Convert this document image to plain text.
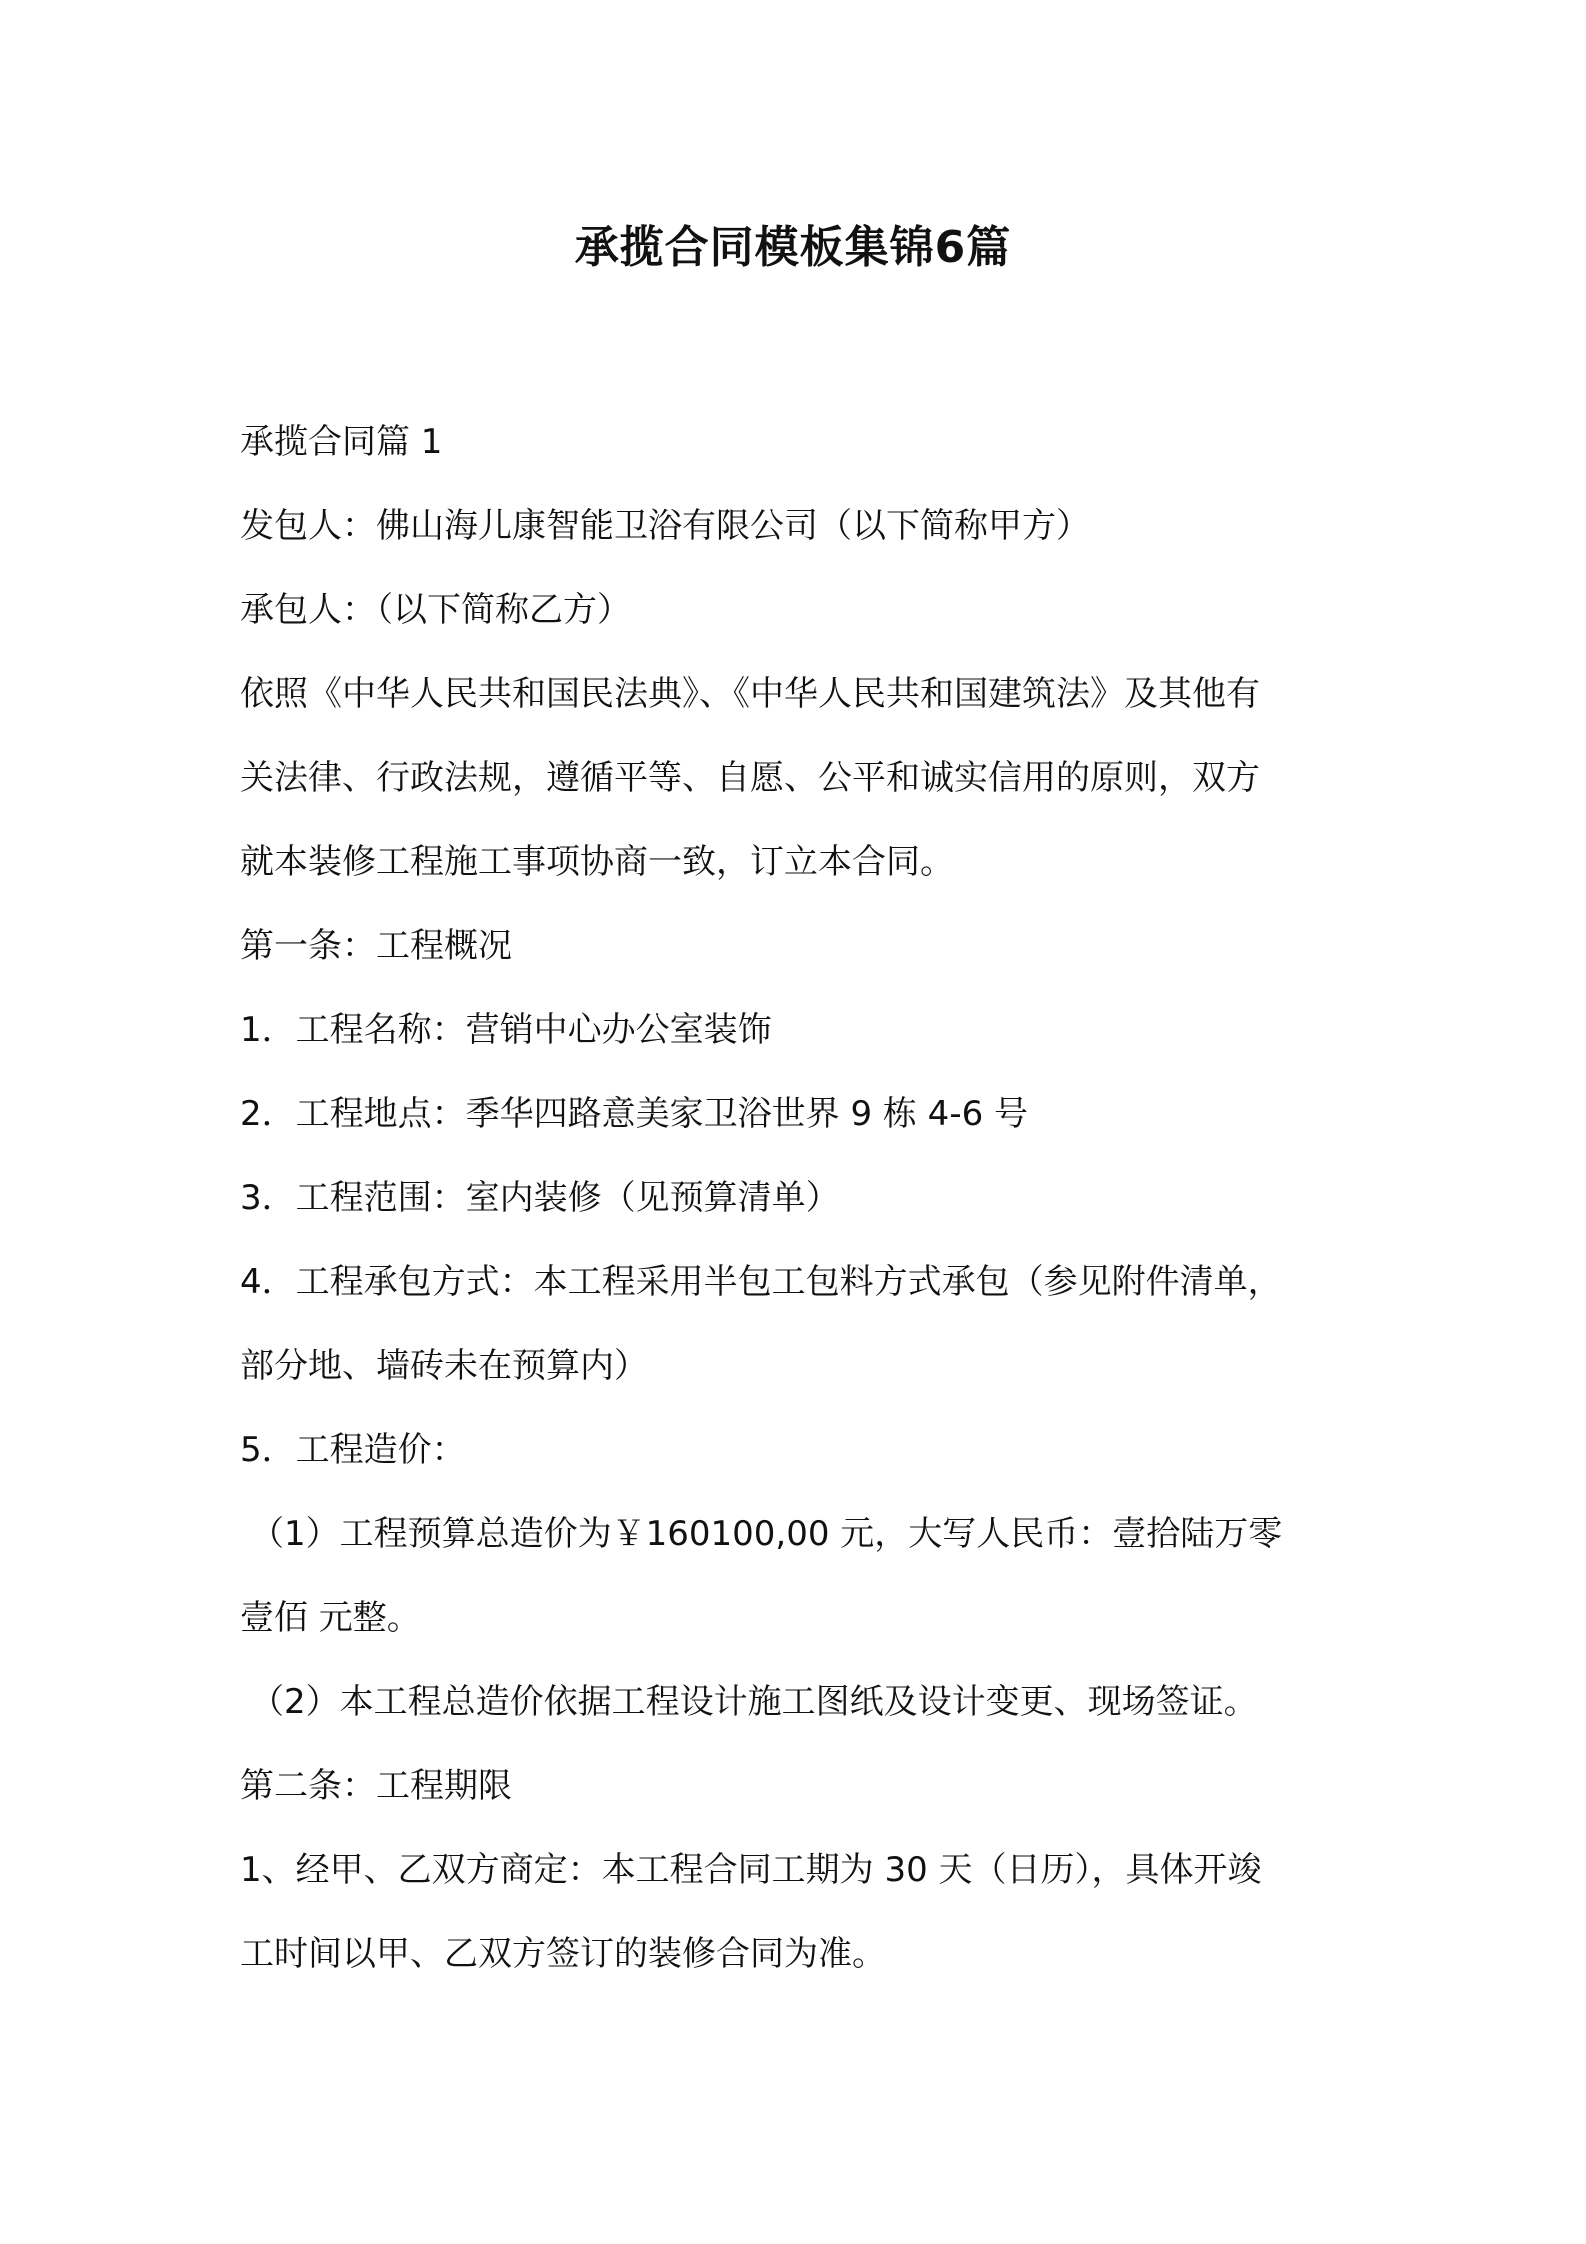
承揽合同模板集锦6篇
承揽合同篇 1
发包人：佛山海儿康智能卫浴有限公司（以下简称甲方）
承包人：（以下简称乙方）
依照《中华人民共和国民法典》、《中华人民共和国建筑法》及其他有
关法律、行政法规，遵循平等、自愿、公平和诚实信用的原则，双方
就本装修工程施工事项协商一致，订立本合同。
第一条：工程概况
1．工程名称：营销中心办公室装饰
2．工程地点：季华四路意美家卫浴世界 9 栋 4-6 号
3．工程范围：室内装修（见预算清单）
4．工程承包方式：本工程采用半包工包料方式承包（参见附件清单，
部分地、墙砖未在预算内）
5．工程造价：
（1）工程预算总造价为￥160100,00 元，大写人民币：壹拾陆万零
壹佰 元整。
（2）本工程总造价依据工程设计施工图纸及设计变更、现场签证。
第二条：工程期限
1、经甲、乙双方商定：本工程合同工期为 30 天（日历），具体开竣
工时间以甲、乙双方签订的装修合同为准。
